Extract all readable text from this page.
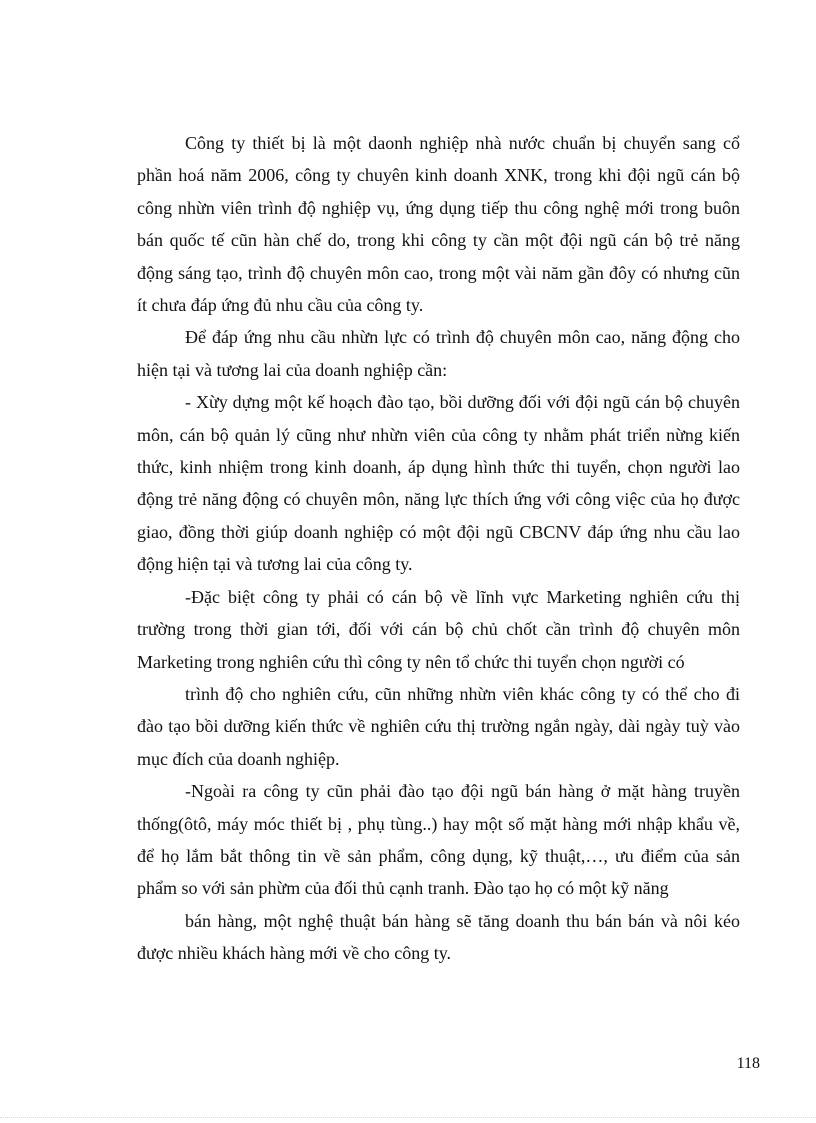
Công ty thiết bị là một daonh nghiệp nhà nước chuẩn bị chuyển sang cổ phần hoá năm 2006, công ty chuyên kinh doanh XNK, trong khi đội ngũ cán bộ công nhừn viên trình độ nghiệp vụ, ứng dụng tiếp thu công nghệ mới trong buôn bán quốc tế cũn hàn chế do, trong khi công ty cần một đội ngũ cán bộ trẻ năng động sáng tạo, trình độ chuyên môn cao, trong một vài năm gần đôy có nhưng cũn ít chưa đáp ứng đủ nhu cầu của công ty.

Để đáp ứng nhu cầu nhừn lực có trình độ chuyên môn cao, năng động cho hiện tại và tương lai của doanh nghiệp cần:

- Xừy dựng một kế hoạch đào tạo, bồi dưỡng đối với đội ngũ cán bộ chuyên môn, cán bộ quản lý cũng như nhừn viên của công ty nhằm phát triển nừng kiến thức, kinh nhiệm trong kinh doanh, áp dụng hình thức thi tuyển, chọn người lao động trẻ năng động có chuyên môn, năng lực thích ứng với công việc của họ được giao, đồng thời giúp doanh nghiệp có một đội ngũ CBCNV đáp ứng nhu cầu lao động hiện tại và tương lai của công ty.

-Đặc biệt công ty phải có cán bộ về lĩnh vực Marketing nghiên cứu thị trường trong thời gian tới, đối với cán bộ chủ chốt cần trình độ chuyên môn Marketing trong nghiên cứu thì công ty nên tổ chức thi tuyển chọn người có

trình độ cho nghiên cứu, cũn những nhừn viên khác công ty có thể cho đi đào tạo bồi dưỡng kiến thức về nghiên cứu thị trường ngắn ngày, dài ngày tuỳ vào mục đích của doanh nghiệp.

-Ngoài ra công ty cũn phải đào tạo đội ngũ bán hàng ở mặt hàng truyền thống(ôtô, máy móc thiết bị , phụ tùng..) hay một số mặt hàng mới nhập khẩu về, để họ lắm bắt thông tin về sản phẩm, công dụng, kỹ thuật,…, ưu điểm của sản phẩm so với sản phừm của đối thủ cạnh tranh. Đào tạo họ có một kỹ năng

bán hàng, một nghệ thuật bán hàng sẽ tăng doanh thu bán bán và nôi kéo được nhiều khách hàng mới về cho công ty.

118
